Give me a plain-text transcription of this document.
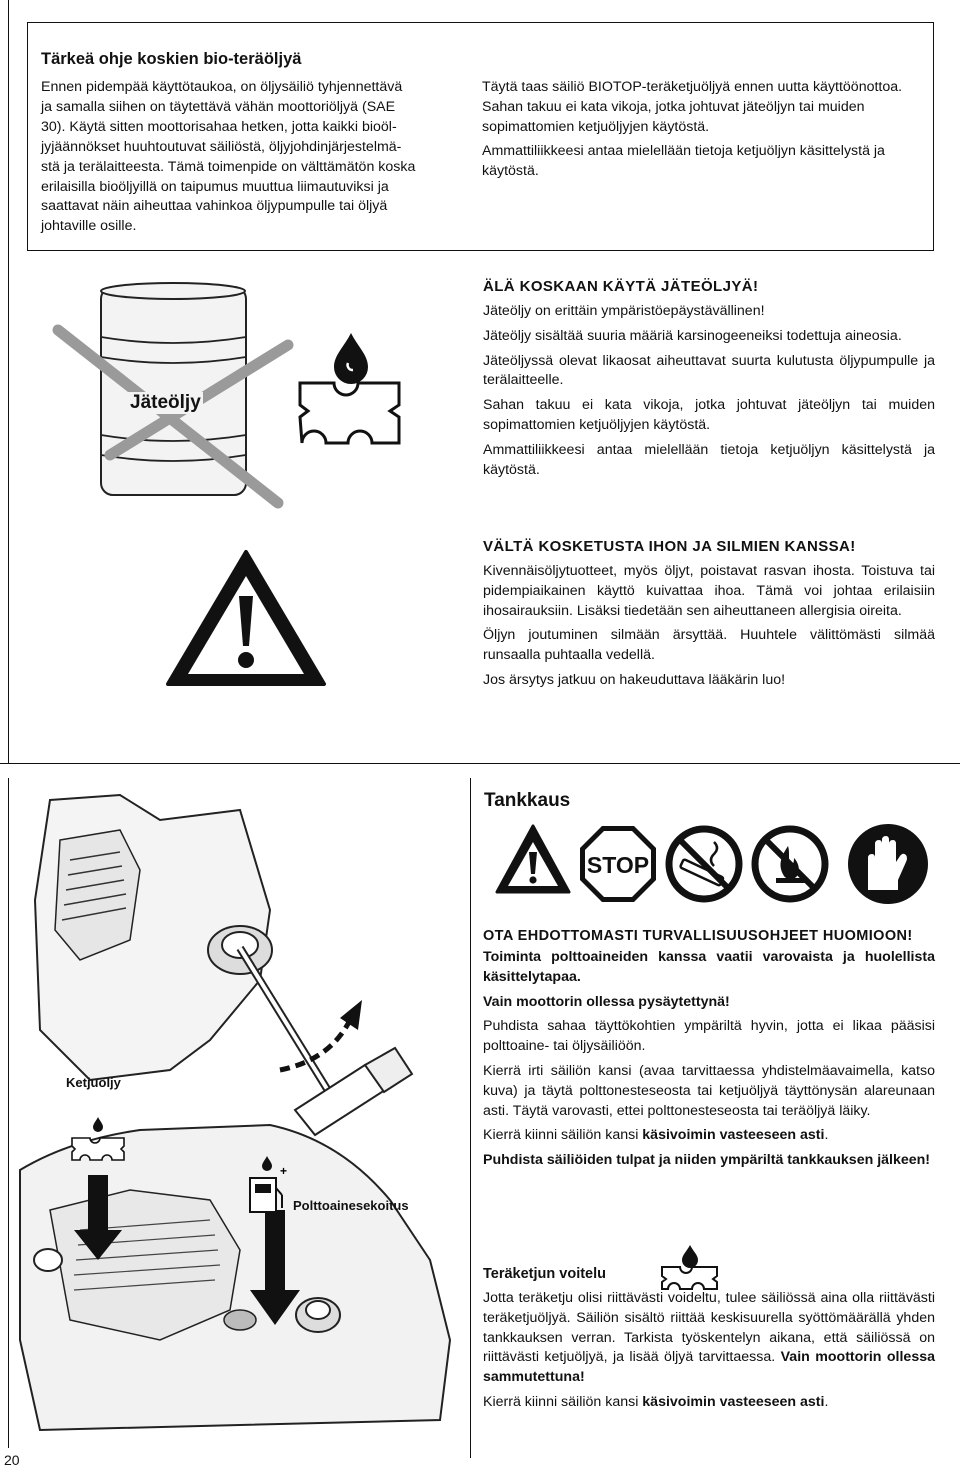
Tärkeä ohje koskien bio-teräöljyä
Ennen pidempää käyttötaukoa, on öljysäiliö tyhjennettävä
ja samalla siihen on täytettävä vähän moottoriöljyä (SAE
30). Käytä sitten moottorisahaa hetken, jotta kaikki bioöl-
jyjäännökset huuhtoutuvat säiliöstä, öljyjohdinjärjestelmä-
stä ja terälaitteesta. Tämä toimenpide on välttämätön koska
erilaisilla bioöljyillä on taipumus muuttua liimautuviksi ja
saattavat näin aiheuttaa vahinkoa öljypumpulle tai öljyä
johtaville osille.

Täytä taas säiliö BIOTOP-teräketjuöljyä ennen uutta käyttöönottoa. Sahan takuu ei kata vikoja, jotka johtuvat jäteöljyn tai muiden sopimattomien ketjuöljyjen käytöstä.

Ammattiliikkeesi antaa mielellään tietoja ketjuöljyn käsittelystä ja käytöstä.

Jäteöljy
ÄLÄ KOSKAAN KÄYTÄ JÄTEÖLJYÄ!

Jäteöljy on erittäin ympäristöepäystävällinen!

Jäteöljy sisältää suuria määriä karsinogeeneiksi todettuja aineosia.

Jäteöljyssä olevat likaosat aiheuttavat suurta kulutusta öljypumpulle ja terälaitteelle.

Sahan takuu ei kata vikoja, jotka johtuvat jäteöljyn tai muiden sopimattomien ketjuöljyjen käytöstä.

Ammattiliikkeesi antaa mielellään tietoja ketjuöljyn käsittelystä ja käytöstä.

VÄLTÄ KOSKETUSTA IHON JA SILMIEN KANSSA!

Kivennäisöljytuotteet, myös öljyt, poistavat rasvan ihosta. Toistuva tai pidempiaikainen käyttö kuivattaa ihoa. Tämä voi johtaa erilaisiin ihosairauksiin. Lisäksi tiedetään sen aiheuttaneen allergisia oireita.

Öljyn joutuminen silmään ärsyttää. Huuhtele välittömästi silmää runsaalla puhtaalla vedellä.

Jos ärsytys jatkuu on hakeuduttava lääkärin luo!

Tankkaus
STOP
OTA EHDOTTOMASTI TURVALLISUUSOHJEET HUOMIOON!

Toiminta polttoaineiden kanssa vaatii varovaista ja huolellista käsittelytapaa.

Vain moottorin ollessa pysäytettynä!

Puhdista sahaa täyttökohtien ympäriltä hyvin, jotta ei likaa pääsisi polttoaine- tai öljysäiliöön.

Kierrä irti säiliön kansi (avaa tarvittaessa yhdistelmäavaimella, katso kuva) ja täytä polttonesteseosta tai ketjuöljyä täyttönysän alareunaan asti. Täytä varovasti, ettei polttonesteseosta tai teräöljyä läiky.

Kierrä kiinni säiliön kansi käsivoimin vasteeseen asti.

Puhdista säiliöiden tulpat ja niiden ympäriltä tankkauksen jälkeen!

Teräketjun voitelu

Jotta teräketju olisi riittävästi voideltu, tulee säiliössä aina olla riittävästi teräketjuöljyä. Säiliön sisältö riittää keskisuurella syöttömäärällä yhden tankkauksen verran. Tarkista työskentelyn aikana, että säiliössä on riittävästi ketjuöljyä, ja lisää öljyä tarvittaessa. Vain moottorin ollessa sammutettuna!

Kierrä kiinni säiliön kansi käsivoimin vasteeseen asti.

+
Ketjuöljy
Polttoainesekoitus
20
